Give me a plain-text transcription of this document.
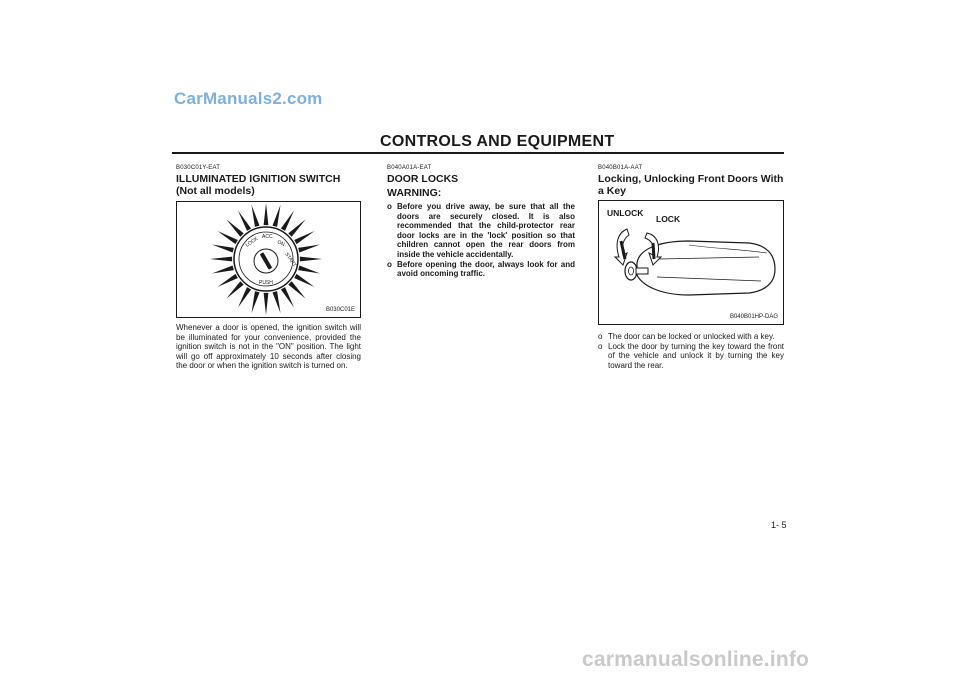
CarManuals2.com
CONTROLS AND EQUIPMENT
B030C01Y-EAT
ILLUMINATED IGNITION SWITCH
(Not all models)
LOCK ACC
ON
START
PUSH
B030C01E
Whenever a door is opened, the ignition switch will be illuminated for your convenience, provided the ignition switch is not in the "ON" position. The light will go off approximately 10 seconds after closing the door or when the ignition switch is turned on.
B040A01A-EAT
DOOR LOCKS
WARNING:
o Before you drive away, be sure that all the doors are securely closed. It is also recommended that the child-protector rear door locks are in the 'lock' position so that children cannot open the rear doors from inside the vehicle accidentally.
o Before opening the door, always look for and avoid oncoming traffic.
B040B01A-AAT
Locking, Unlocking Front Doors With
a Key
UNLOCK
LOCK
B040B01HP-DAG
o The door can be locked or unlocked with a key.
o Lock the door by turning the key toward the front of the vehicle and unlock it by turning the key toward the rear.
1- 5
carmanualsonline.info
